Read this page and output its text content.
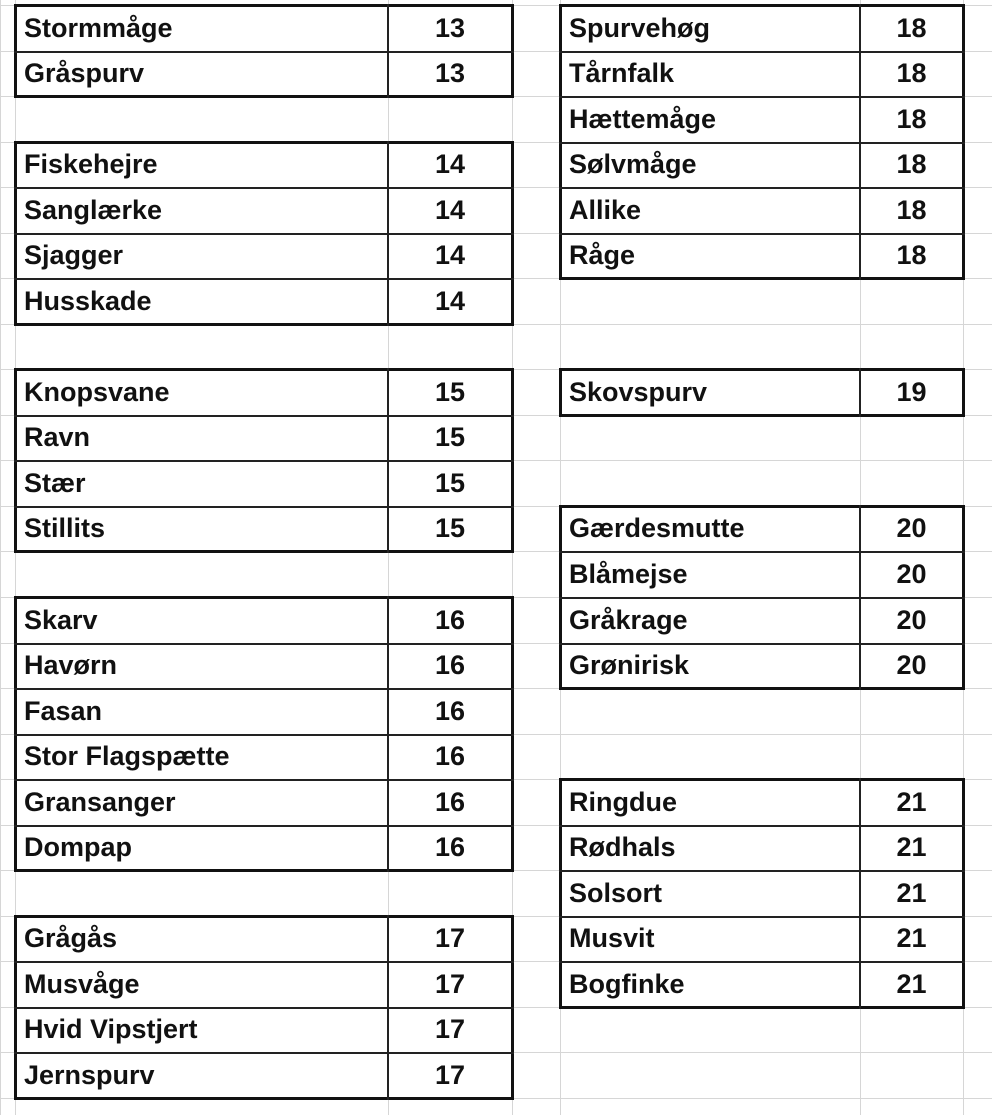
Stormmåge	13
Gråspurv	13
Fiskehejre	14
Sanglærke	14
Sjagger	14
Husskade	14
Knopsvane	15
Ravn	15
Stær	15
Stillits	15
Skarv	16
Havørn	16
Fasan	16
Stor Flagspætte	16
Gransanger	16
Dompap	16
Grågås	17
Musvåge	17
Hvid Vipstjert	17
Jernspurv	17
Spurvehøg	18
Tårnfalk	18
Hættemåge	18
Sølvmåge	18
Allike	18
Råge	18
Skovspurv	19
Gærdesmutte	20
Blåmejse	20
Gråkrage	20
Grønirisk	20
Ringdue	21
Rødhals	21
Solsort	21
Musvit	21
Bogfinke	21
